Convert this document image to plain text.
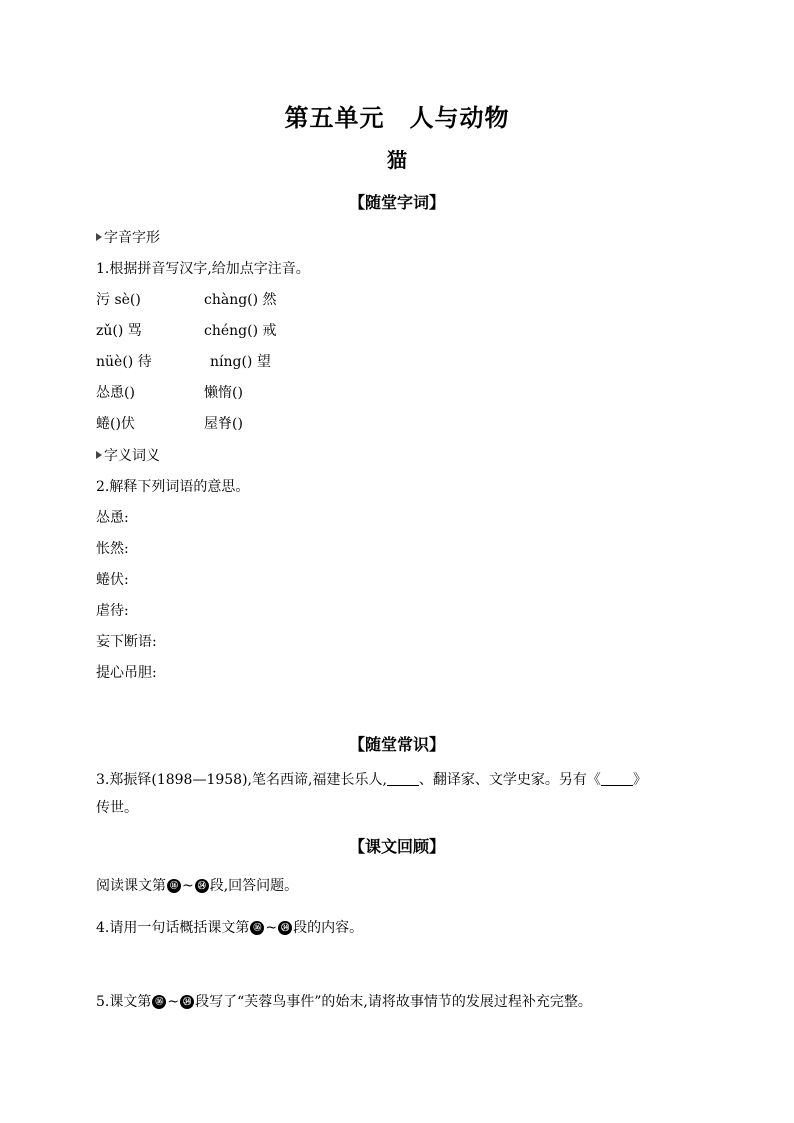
第五单元　人与动物
猫
【随堂字词】
字音字形
1.根据拼音写汉字,给加点字注音。
污 sè()	chàng() 然
zǔ() 骂	chéng() 戒
nüè() 待	níng() 望
怂恿()	懒惰()
蜷()伏	屋脊()
字义词义
2.解释下列词语的意思。
怂恿:
怅然:
蜷伏:
虐待:
妄下断语:
提心吊胆:
【随堂常识】
3.郑振铎(1898—1958),笔名西谛,福建长乐人, 、翻译家、文学史家。另有《 》
传世。
【课文回顾】
阅读课文第 ⑯ ~ ㉞ 段,回答问题。
4.请用一句话概括课文第 ⑯ ~ ㉞ 段的内容。
5.课文第 ⑯ ~ ㉞ 段写了“芙蓉鸟事件”的始末,请将故事情节的发展过程补充完整。
